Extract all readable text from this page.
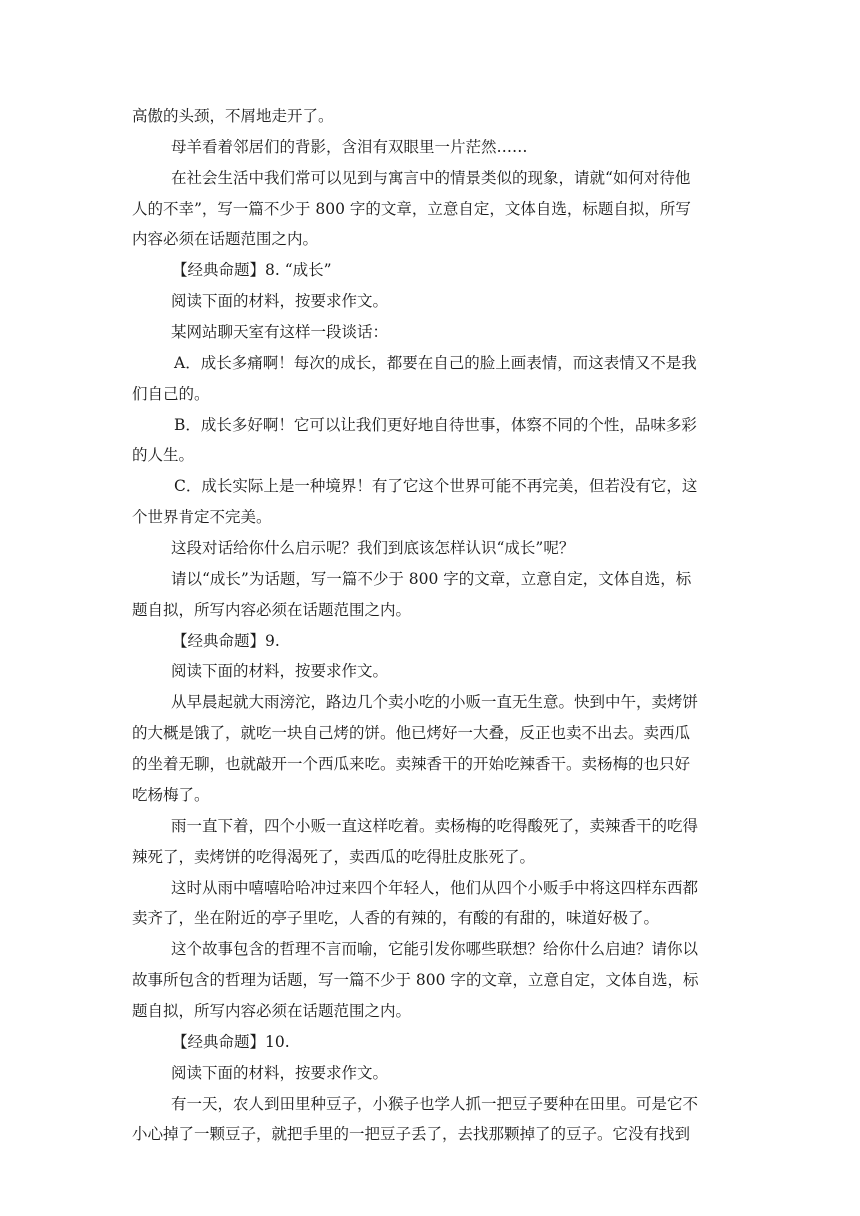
高傲的头颈，不屑地走开了。
母羊看着邻居们的背影，含泪有双眼里一片茫然……
在社会生活中我们常可以见到与寓言中的情景类似的现象，请就“如何对待他
人的不幸”，写一篇不少于 800 字的文章，立意自定，文体自选，标题自拟，所写
内容必须在话题范围之内。
【经典命题】8. “成长”
阅读下面的材料，按要求作文。
某网站聊天室有这样一段谈话：
A．成长多痛啊！每次的成长，都要在自己的脸上画表情，而这表情又不是我
们自己的。
B．成长多好啊！它可以让我们更好地自待世事，体察不同的个性，品味多彩
的人生。
C．成长实际上是一种境界！有了它这个世界可能不再完美，但若没有它，这
个世界肯定不完美。
这段对话给你什么启示呢？我们到底该怎样认识“成长”呢？
请以“成长”为话题，写一篇不少于 800 字的文章，立意自定，文体自选，标
题自拟，所写内容必须在话题范围之内。
【经典命题】9.
阅读下面的材料，按要求作文。
从早晨起就大雨滂沱，路边几个卖小吃的小贩一直无生意。快到中午，卖烤饼
的大概是饿了，就吃一块自己烤的饼。他已烤好一大叠，反正也卖不出去。卖西瓜
的坐着无聊，也就敲开一个西瓜来吃。卖辣香干的开始吃辣香干。卖杨梅的也只好
吃杨梅了。
雨一直下着，四个小贩一直这样吃着。卖杨梅的吃得酸死了，卖辣香干的吃得
辣死了，卖烤饼的吃得渴死了，卖西瓜的吃得肚皮胀死了。
这时从雨中嘻嘻哈哈冲过来四个年轻人，他们从四个小贩手中将这四样东西都
卖齐了，坐在附近的亭子里吃，人香的有辣的，有酸的有甜的，味道好极了。
这个故事包含的哲理不言而喻，它能引发你哪些联想？给你什么启迪？请你以
故事所包含的哲理为话题，写一篇不少于 800 字的文章，立意自定，文体自选，标
题自拟，所写内容必须在话题范围之内。
【经典命题】10.
阅读下面的材料，按要求作文。
有一天，农人到田里种豆子，小猴子也学人抓一把豆子要种在田里。可是它不
小心掉了一颗豆子，就把手里的一把豆子丢了，去找那颗掉了的豆子。它没有找到
